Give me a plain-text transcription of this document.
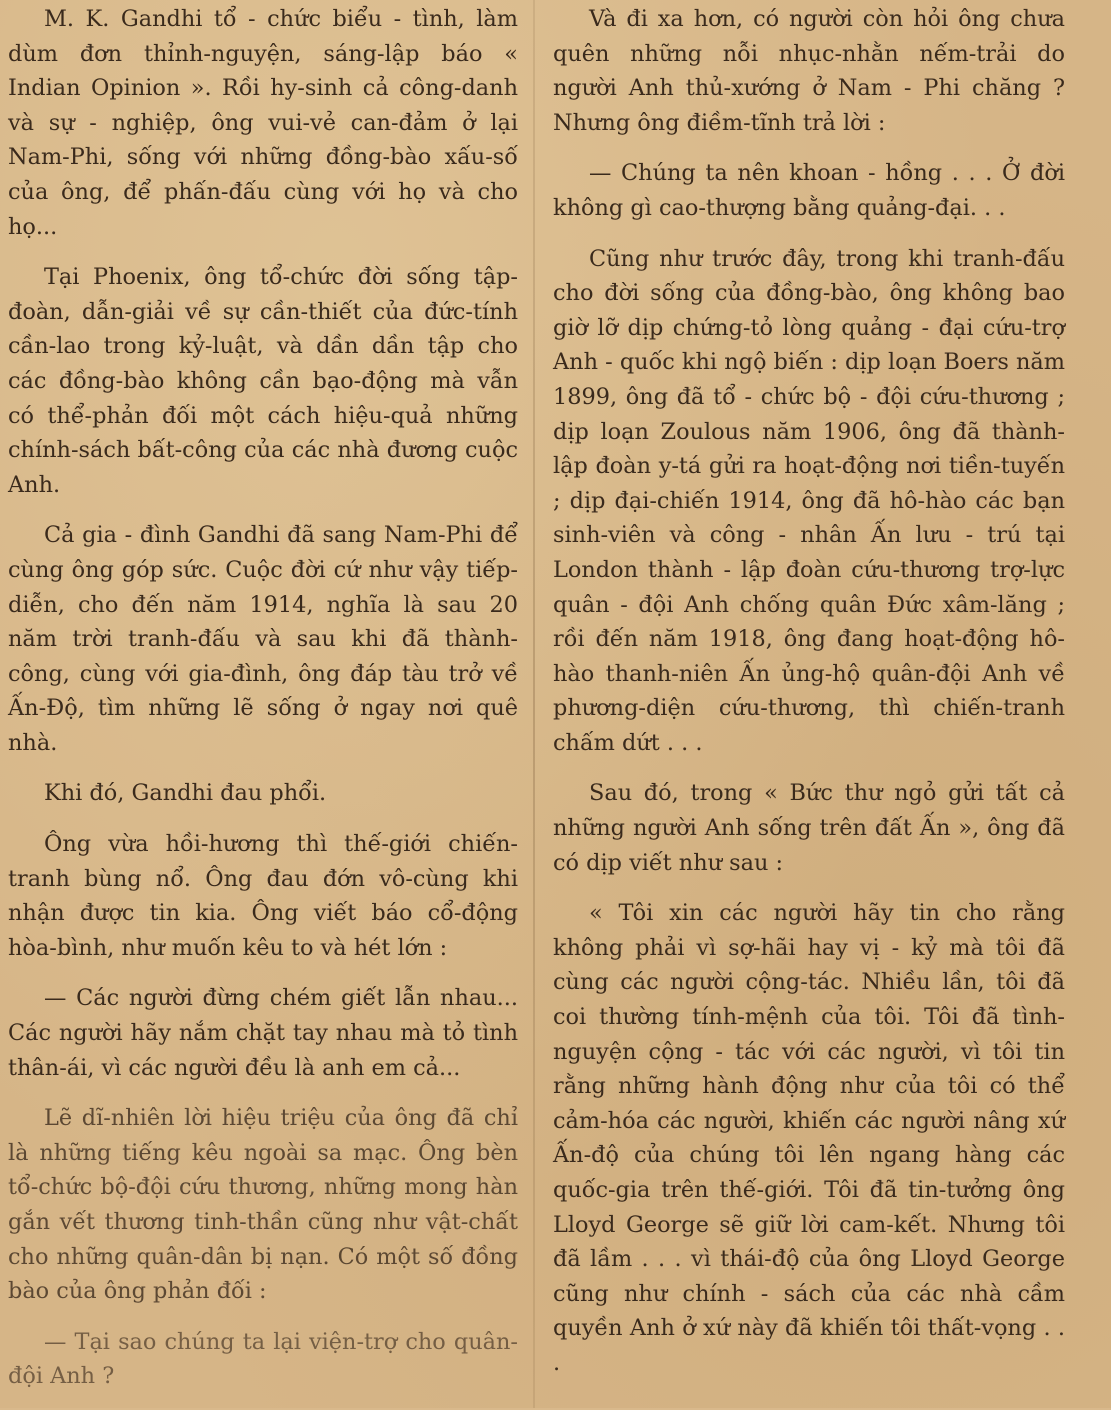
M. K. Gandhi tổ - chức biểu - tình, làm dùm đơn thỉnh-nguyện, sáng-lập báo « Indian Opinion ». Rồi hy-sinh cả công-danh và sự - nghiệp, ông vui-vẻ can-đảm ở lại Nam-Phi, sống với những đồng-bào xấu-số của ông, để phấn-đấu cùng với họ và cho họ...

Tại Phoenix, ông tổ-chức đời sống tập-đoàn, dẫn-giải về sự cần-thiết của đức-tính cần-lao trong kỷ-luật, và dần dần tập cho các đồng-bào không cần bạo-động mà vẫn có thể-phản đối một cách hiệu-quả những chính-sách bất-công của các nhà đương cuộc Anh.

Cả gia - đình Gandhi đã sang Nam-Phi để cùng ông góp sức. Cuộc đời cứ như vậy tiếp-diễn, cho đến năm 1914, nghĩa là sau 20 năm trời tranh-đấu và sau khi đã thành-công, cùng với gia-đình, ông đáp tàu trở về Ấn-Độ, tìm những lẽ sống ở ngay nơi quê nhà.

Khi đó, Gandhi đau phổi.

Ông vừa hồi-hương thì thế-giới chiến-tranh bùng nổ. Ông đau đớn vô-cùng khi nhận được tin kia. Ông viết báo cổ-động hòa-bình, như muốn kêu to và hét lớn :

— Các người đừng chém giết lẫn nhau... Các người hãy nắm chặt tay nhau mà tỏ tình thân-ái, vì các người đều là anh em cả...

Lẽ dĩ-nhiên lời hiệu triệu của ông đã chỉ là những tiếng kêu ngoài sa mạc. Ông bèn tổ-chức bộ-đội cứu thương, những mong hàn gắn vết thương tinh-thần cũng như vật-chất cho những quân-dân bị nạn. Có một số đồng bào của ông phản đối :

— Tại sao chúng ta lại viện-trợ cho quân-đội Anh ?

Và đi xa hơn, có người còn hỏi ông chưa quên những nỗi nhục-nhằn nếm-trải do người Anh thủ-xướng ở Nam - Phi chăng ? Nhưng ông điềm-tĩnh trả lời :

— Chúng ta nên khoan - hồng . . . Ở đời không gì cao-thượng bằng quảng-đại. . .

Cũng như trước đây, trong khi tranh-đấu cho đời sống của đồng-bào, ông không bao giờ lỡ dịp chứng-tỏ lòng quảng - đại cứu-trợ Anh - quốc khi ngộ biến : dịp loạn Boers năm 1899, ông đã tổ - chức bộ - đội cứu-thương ; dịp loạn Zoulous năm 1906, ông đã thành-lập đoàn y-tá gửi ra hoạt-động nơi tiền-tuyến ; dịp đại-chiến 1914, ông đã hô-hào các bạn sinh-viên và công - nhân Ấn lưu - trú tại London thành - lập đoàn cứu-thương trợ-lực quân - đội Anh chống quân Đức xâm-lăng ; rồi đến năm 1918, ông đang hoạt-động hô-hào thanh-niên Ấn ủng-hộ quân-đội Anh về phương-diện cứu-thương, thì chiến-tranh chấm dứt . . .

Sau đó, trong « Bức thư ngỏ gửi tất cả những người Anh sống trên đất Ấn », ông đã có dịp viết như sau :

« Tôi xin các người hãy tin cho rằng không phải vì sợ-hãi hay vị - kỷ mà tôi đã cùng các người cộng-tác. Nhiều lần, tôi đã coi thường tính-mệnh của tôi. Tôi đã tình-nguyện cộng - tác với các người, vì tôi tin rằng những hành động như của tôi có thể cảm-hóa các người, khiến các người nâng xứ Ấn-độ của chúng tôi lên ngang hàng các quốc-gia trên thế-giới. Tôi đã tin-tưởng ông Lloyd George sẽ giữ lời cam-kết. Nhưng tôi đã lầm . . . vì thái-độ của ông Lloyd George cũng như chính - sách của các nhà cầm quyền Anh ở xứ này đã khiến tôi thất-vọng . . .
